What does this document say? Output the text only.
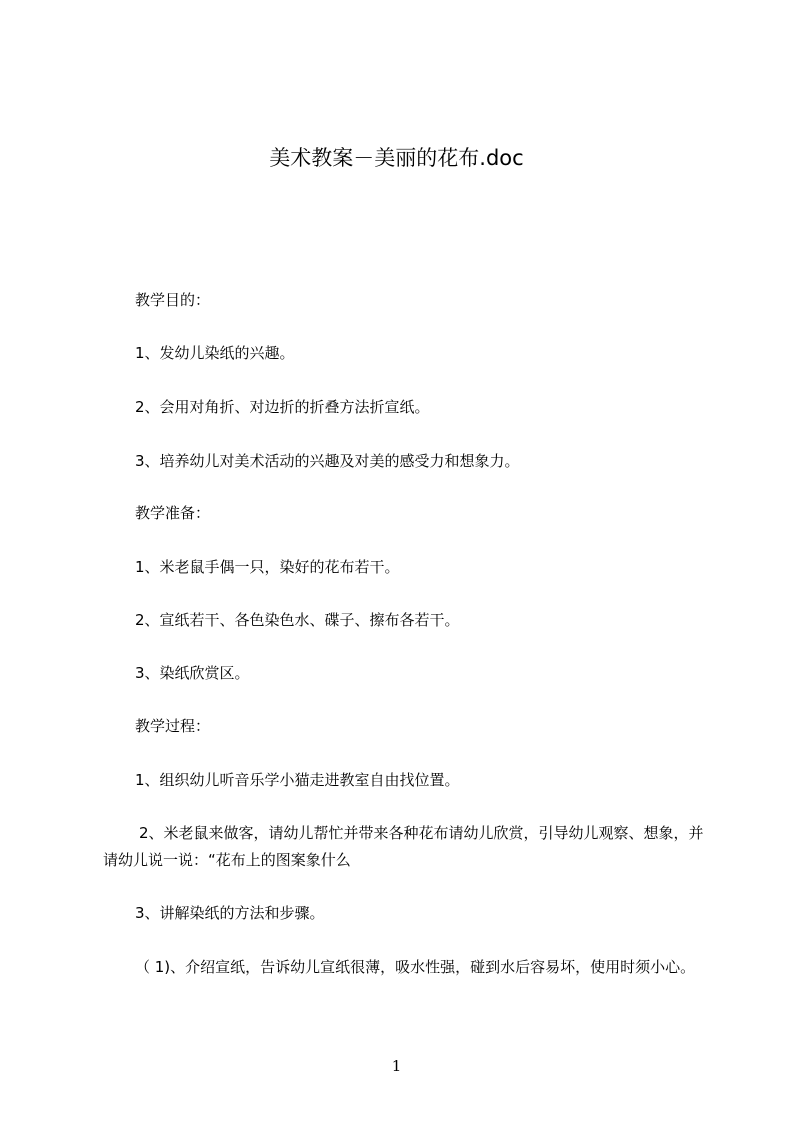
美术教案－美丽的花布.doc
教学目的：
1、发幼儿染纸的兴趣。
2、会用对角折、对边折的折叠方法折宣纸。
3、培养幼儿对美术活动的兴趣及对美的感受力和想象力。
教学准备：
1、米老鼠手偶一只，染好的花布若干。
2、宣纸若干、各色染色水、碟子、擦布各若干。
3、染纸欣赏区。
教学过程：
1、组织幼儿听音乐学小猫走进教室自由找位置。
2、米老鼠来做客，请幼儿帮忙并带来各种花布请幼儿欣赏，引导幼儿观察、想象，并请幼儿说一说：“花布上的图案象什么
3、讲解染纸的方法和步骤。
（ 1)、介绍宣纸，告诉幼儿宣纸很薄，吸水性强，碰到水后容易坏，使用时须小心。
1
